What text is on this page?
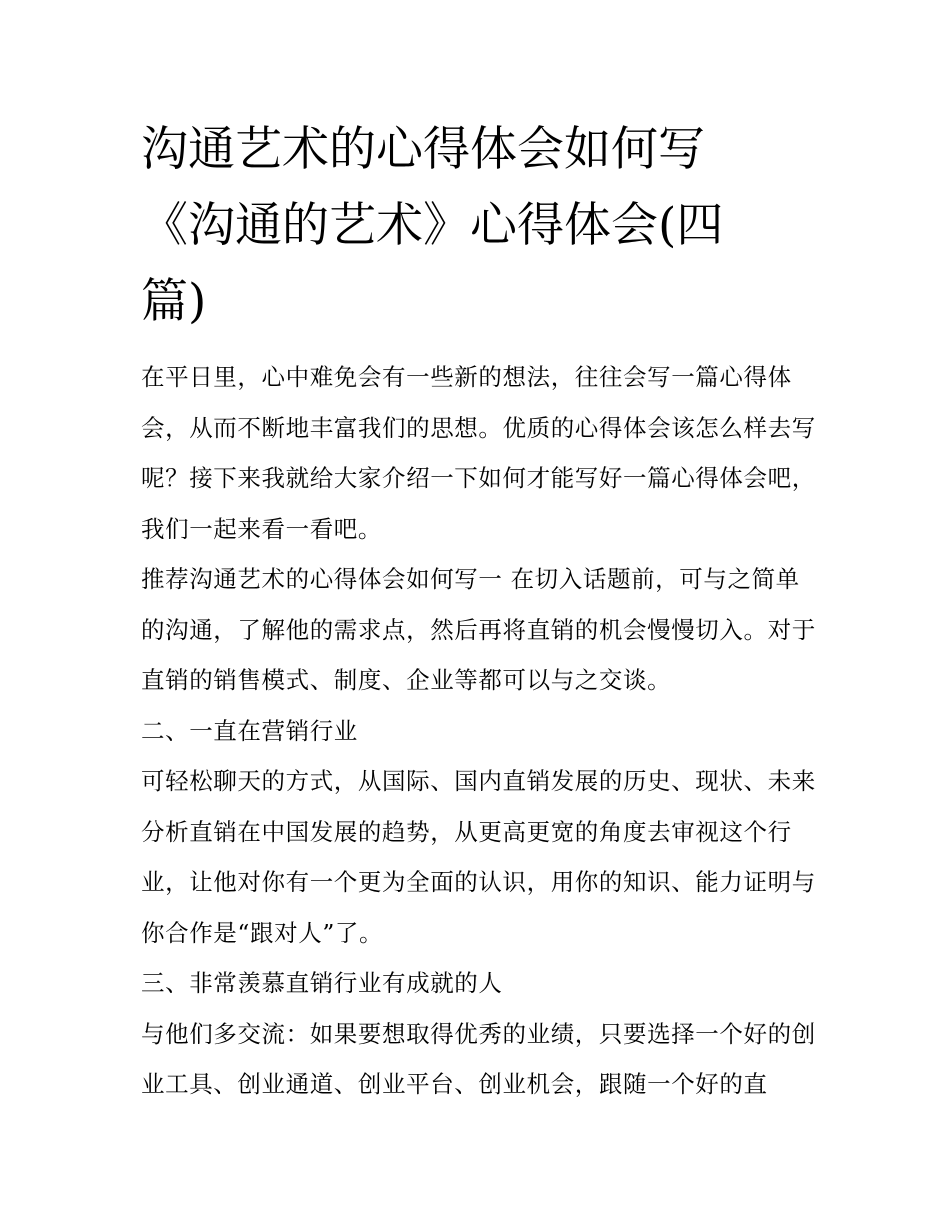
沟通艺术的心得体会如何写
《沟通的艺术》心得体会(四
篇)

在平日里，心中难免会有一些新的想法，往往会写一篇心得体会，从而不断地丰富我们的思想。优质的心得体会该怎么样去写呢？接下来我就给大家介绍一下如何才能写好一篇心得体会吧，我们一起来看一看吧。

推荐沟通艺术的心得体会如何写一 在切入话题前，可与之简单的沟通，了解他的需求点，然后再将直销的机会慢慢切入。对于直销的销售模式、制度、企业等都可以与之交谈。

二、一直在营销行业

可轻松聊天的方式，从国际、国内直销发展的历史、现状、未来分析直销在中国发展的趋势，从更高更宽的角度去审视这个行业，让他对你有一个更为全面的认识，用你的知识、能力证明与你合作是“跟对人”了。

三、非常羡慕直销行业有成就的人

与他们多交流：如果要想取得优秀的业绩，只要选择一个好的创业工具、创业通道、创业平台、创业机会，跟随一个好的直
